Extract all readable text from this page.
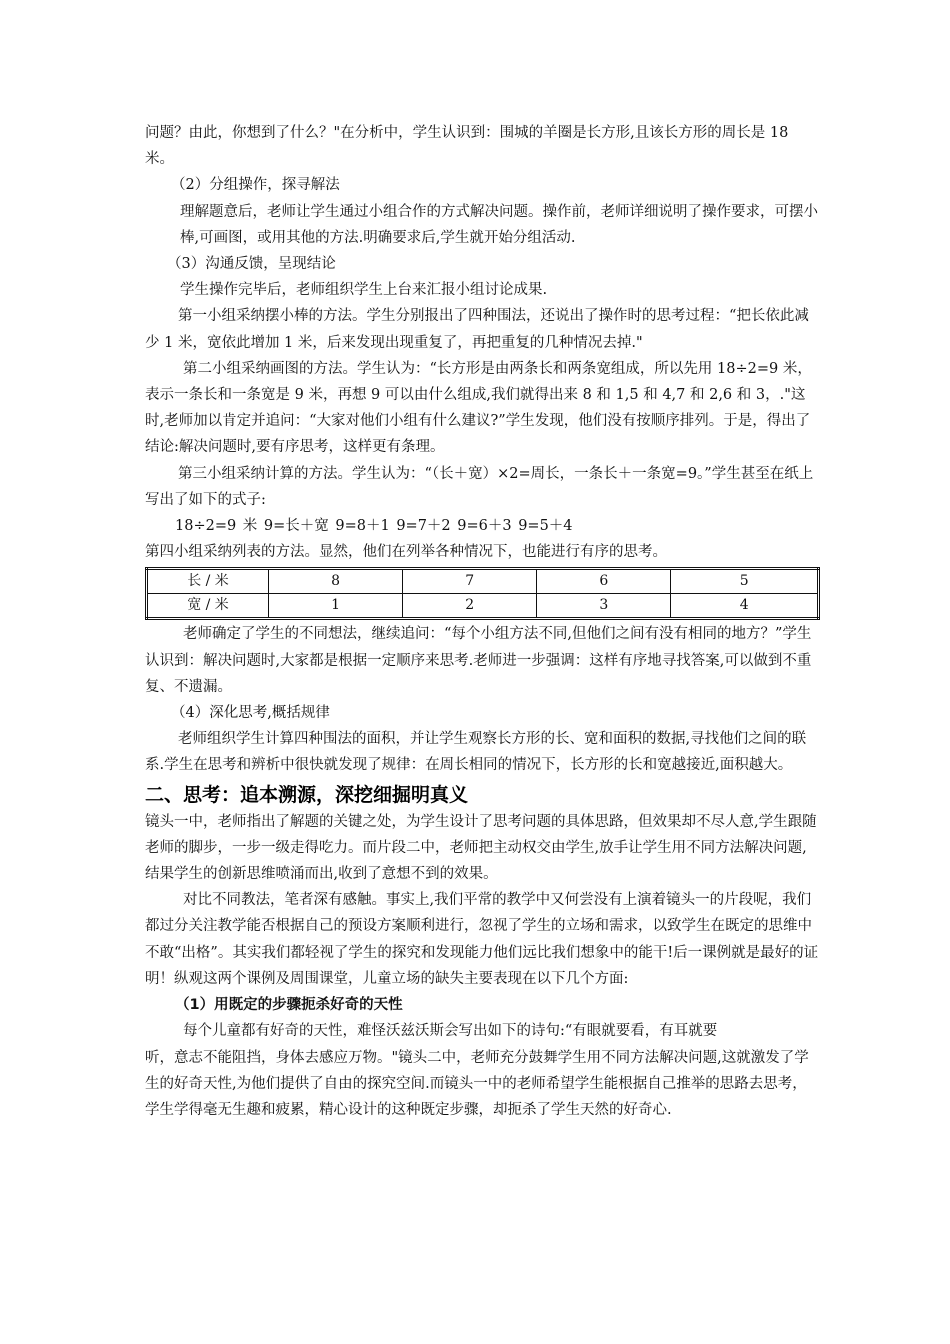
问题？由此，你想到了什么？"在分析中，学生认识到：围城的羊圈是长方形,且该长方形的周长是 18 米。

（2）分组操作，探寻解法

理解题意后，老师让学生通过小组合作的方式解决问题。操作前，老师详细说明了操作要求，可摆小棒,可画图，或用其他的方法.明确要求后,学生就开始分组活动.

（3）沟通反馈，呈现结论

学生操作完毕后，老师组织学生上台来汇报小组讨论成果.

第一小组采纳摆小棒的方法。学生分别报出了四种围法，还说出了操作时的思考过程：“把长依此减少 1 米，宽依此增加 1 米，后来发现出现重复了，再把重复的几种情况去掉."

第二小组采纳画图的方法。学生认为：“长方形是由两条长和两条宽组成，所以先用 18÷2=9 米，表示一条长和一条宽是 9 米，再想 9 可以由什么组成,我们就得出来 8 和 1,5 和 4,7 和 2,6 和 3，."这时,老师加以肯定并追问：“大家对他们小组有什么建议?”学生发现，他们没有按顺序排列。于是，得出了结论:解决问题时,要有序思考，这样更有条理。

第三小组采纳计算的方法。学生认为：“（长＋宽）×2=周长，一条长＋一条宽=9。”学生甚至在纸上写出了如下的式子:

18÷2=9 米 9=长＋宽 9=8＋1 9=7＋2 9=6＋3 9=5＋4

第四小组采纳列表的方法。显然，他们在列举各种情况下，也能进行有序的思考。

长 / 米	8	7	6	5
宽 / 米	1	2	3	4

老师确定了学生的不同想法，继续追问：“每个小组方法不同,但他们之间有没有相同的地方？”学生认识到：解决问题时,大家都是根据一定顺序来思考.老师进一步强调：这样有序地寻找答案,可以做到不重复、不遗漏。

（4）深化思考,概括规律

老师组织学生计算四种围法的面积，并让学生观察长方形的长、宽和面积的数据,寻找他们之间的联系.学生在思考和辨析中很快就发现了规律：在周长相同的情况下，长方形的长和宽越接近,面积越大。

二、思考：追本溯源，深挖细掘明真义

镜头一中，老师指出了解题的关键之处，为学生设计了思考问题的具体思路，但效果却不尽人意,学生跟随老师的脚步，一步一级走得吃力。而片段二中，老师把主动权交由学生,放手让学生用不同方法解决问题,结果学生的创新思维喷涌而出,收到了意想不到的效果。

对比不同教法，笔者深有感触。事实上,我们平常的教学中又何尝没有上演着镜头一的片段呢，我们都过分关注教学能否根据自己的预设方案顺利进行，忽视了学生的立场和需求，以致学生在既定的思维中不敢“出格”。其实我们都轻视了学生的探究和发现能力他们远比我们想象中的能干!后一课例就是最好的证明！纵观这两个课例及周围课堂，儿童立场的缺失主要表现在以下几个方面:

（1）用既定的步骤扼杀好奇的天性

每个儿童都有好奇的天性，难怪沃兹沃斯会写出如下的诗句:“有眼就要看，有耳就要

听，意志不能阻挡，身体去感应万物。"镜头二中，老师充分鼓舞学生用不同方法解决问题,这就激发了学生的好奇天性,为他们提供了自由的探究空间.而镜头一中的老师希望学生能根据自己推举的思路去思考，学生学得毫无生趣和疲累，精心设计的这种既定步骤，却扼杀了学生天然的好奇心.
